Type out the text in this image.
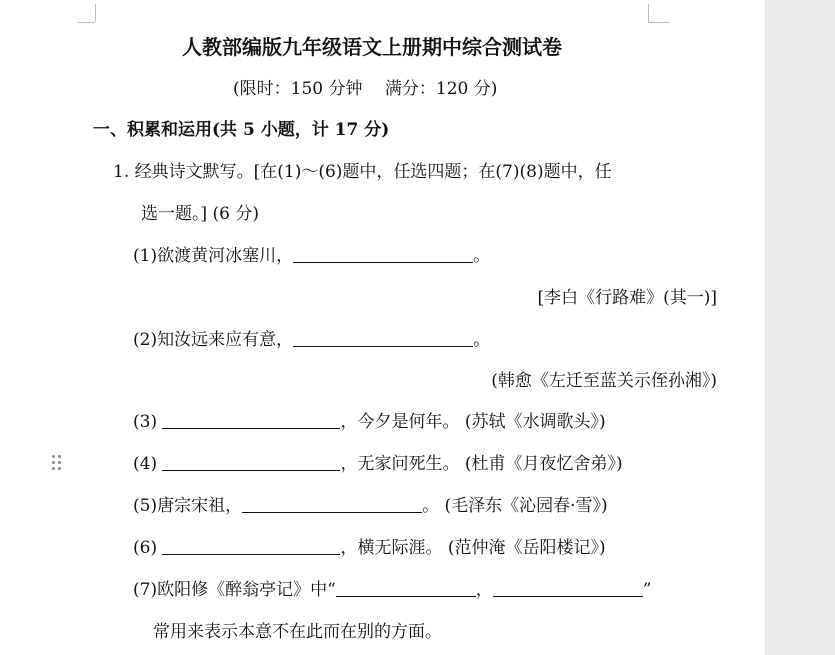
人教部编版九年级语文上册期中综合测试卷
(限时：150 分钟　 满分：120 分)
一、积累和运用(共 5 小题，计 17 分)
1. 经典诗文默写。[在(1)～(6)题中，任选四题；在(7)(8)题中，任
选一题。] (6 分)
(1)欲渡黄河冰塞川，	。
[李白《行路难》(其一)]
(2)知汝远来应有意，	。
(韩愈《左迁至蓝关示侄孙湘》)
(3)	，今夕是何年。 (苏轼《水调歌头》)
(4)	，无家问死生。 (杜甫《月夜忆舍弟》)
(5)唐宗宋祖，	。 (毛泽东《沁园春·雪》)
(6)	，横无际涯。 (范仲淹《岳阳楼记》)
(7)欧阳修《醉翁亭记》中“	，	”
常用来表示本意不在此而在别的方面。
